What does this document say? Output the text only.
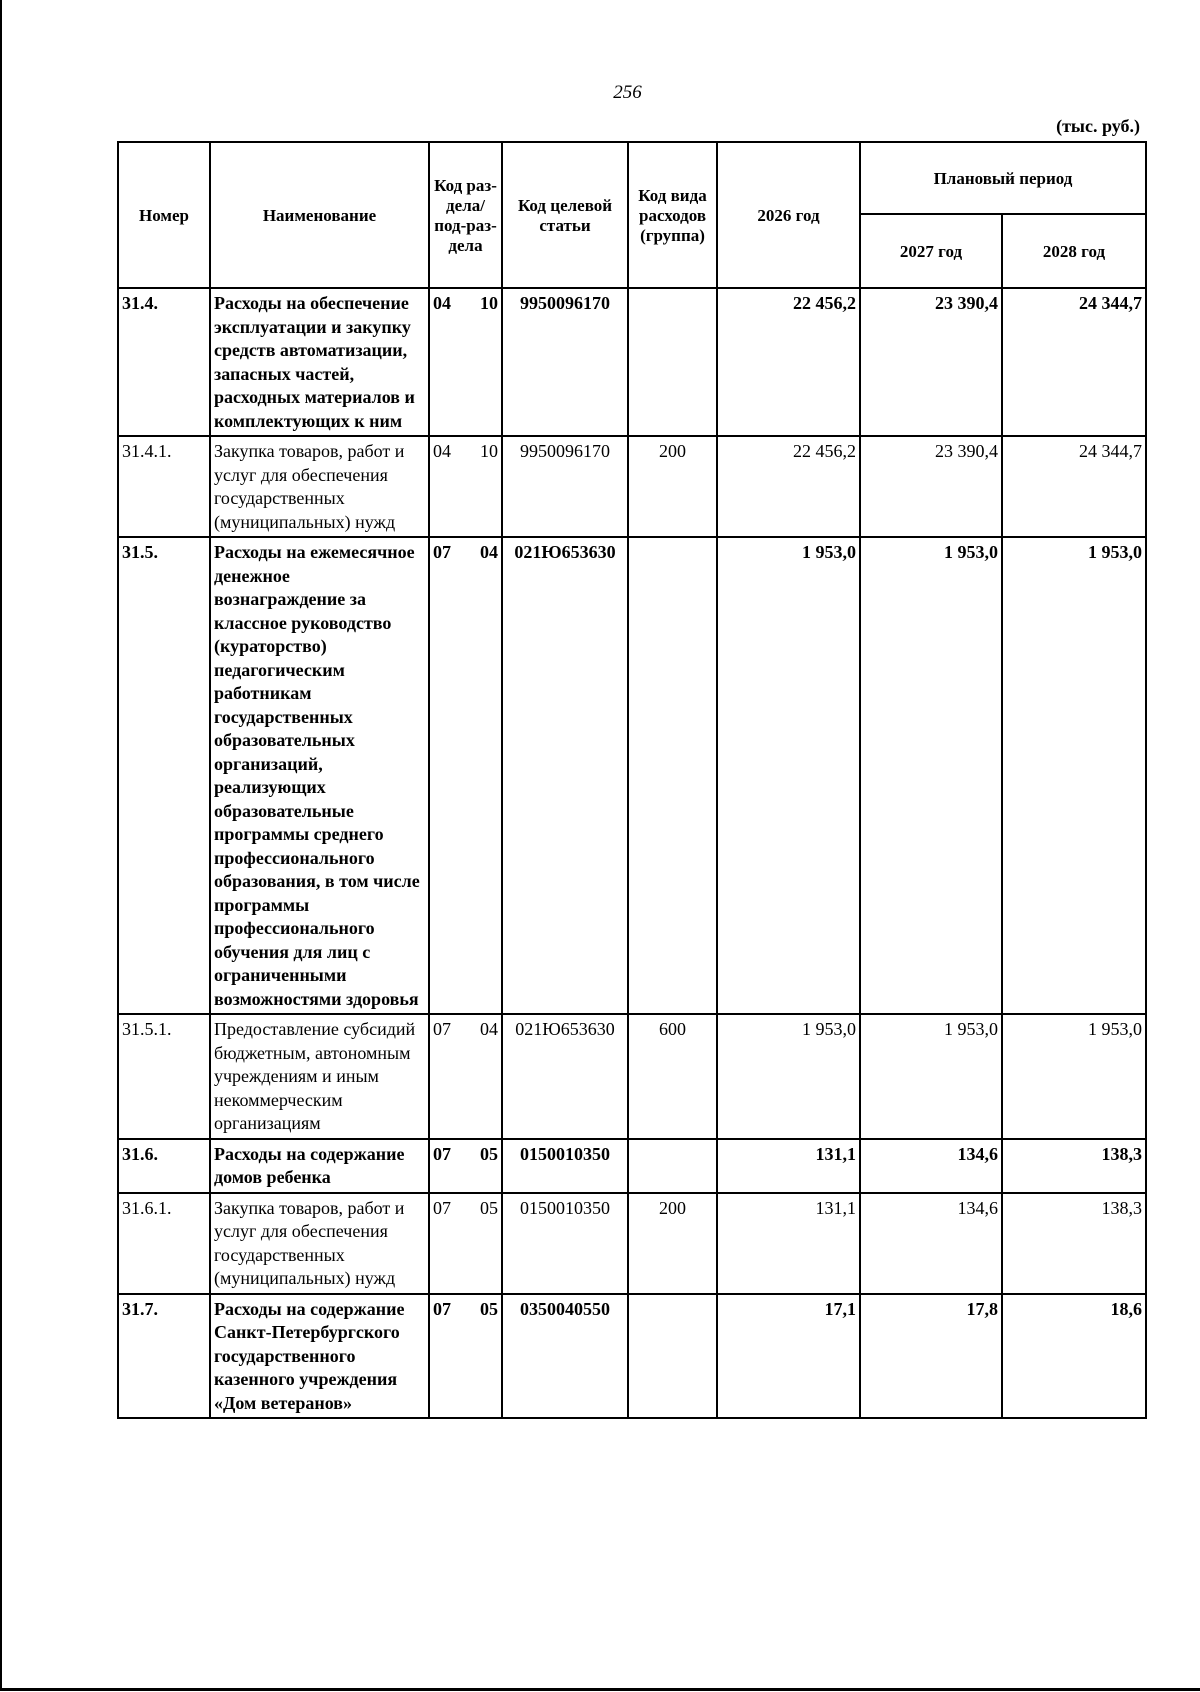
256
(тыс. руб.)
Номер	Наименование	Код раз-дела/ под-раз-дела	Код целевой статьи	Код вида расходов (группа)	2026 год	Плановый период	
						2027 год	2028 год
31.4.	Расходы на обеспечение эксплуатации и закупку средств автоматизации, запасных частей, расходных материалов и комплектующих к ним	04 10	9950096170		22 456,2	23 390,4	24 344,7
31.4.1.	Закупка товаров, работ и услуг для обеспечения государственных (муниципальных) нужд	04 10	9950096170	200	22 456,2	23 390,4	24 344,7
31.5.	Расходы на ежемесячное денежное вознаграждение за классное руководство (кураторство) педагогическим работникам государственных образовательных организаций, реализующих образовательные программы среднего профессионального образования, в том числе программы профессионального обучения для лиц с ограниченными возможностями здоровья	07 04	021Ю653630		1 953,0	1 953,0	1 953,0
31.5.1.	Предоставление субсидий бюджетным, автономным учреждениям и иным некоммерческим организациям	07 04	021Ю653630	600	1 953,0	1 953,0	1 953,0
31.6.	Расходы на содержание домов ребенка	07 05	0150010350		131,1	134,6	138,3
31.6.1.	Закупка товаров, работ и услуг для обеспечения государственных (муниципальных) нужд	07 05	0150010350	200	131,1	134,6	138,3
31.7.	Расходы на содержание Санкт-Петербургского государственного казенного учреждения «Дом ветеранов»	07 05	0350040550		17,1	17,8	18,6
